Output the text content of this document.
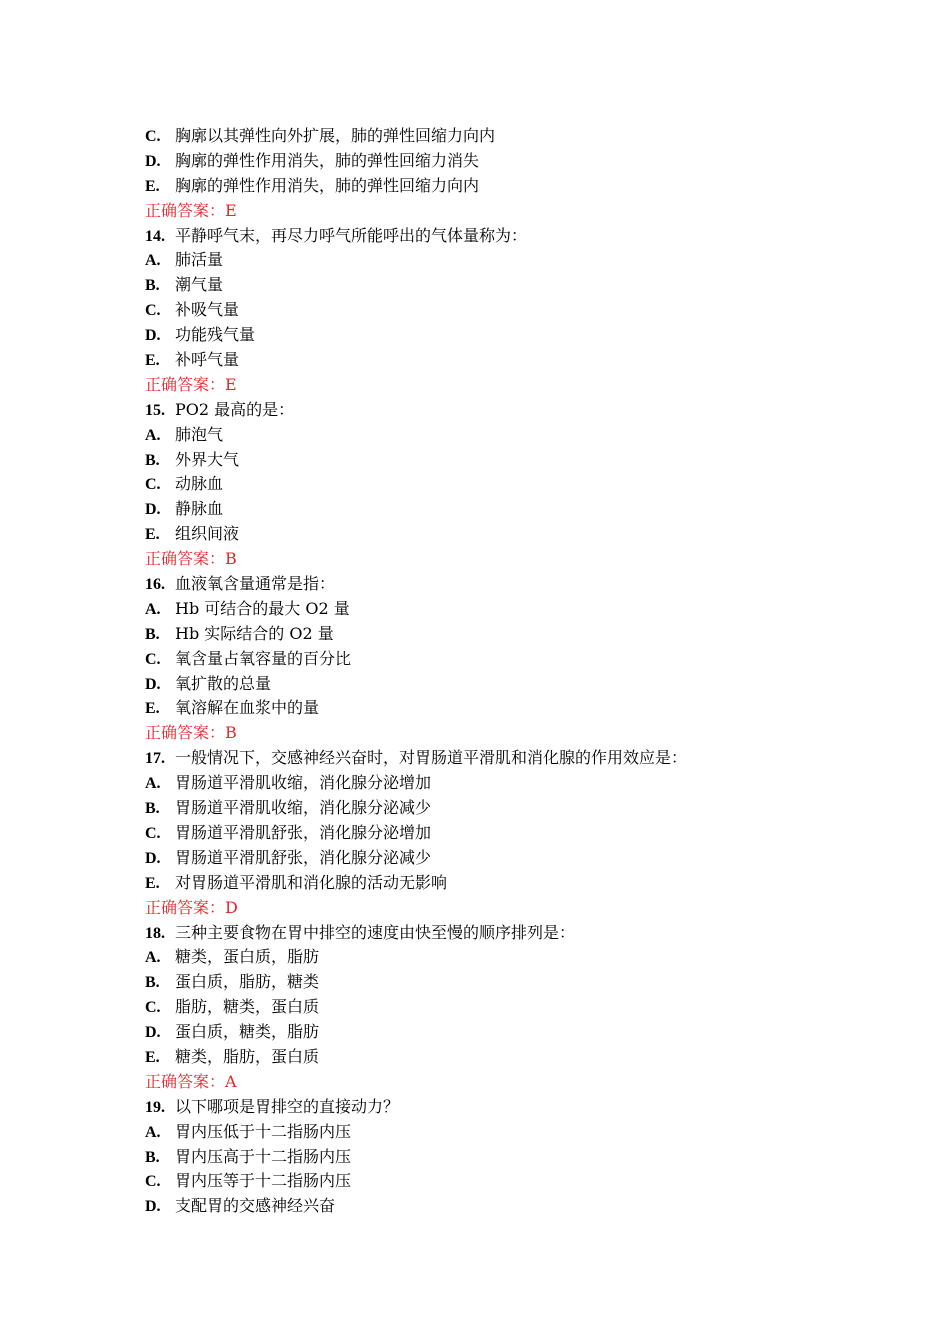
C. 胸廓以其弹性向外扩展，肺的弹性回缩力向内
D. 胸廓的弹性作用消失，肺的弹性回缩力消失
E. 胸廓的弹性作用消失，肺的弹性回缩力向内
正确答案：E
14. 平静呼气末，再尽力呼气所能呼出的气体量称为：
A. 肺活量
B. 潮气量
C. 补吸气量
D. 功能残气量
E. 补呼气量
正确答案：E
15. PO2 最高的是：
A. 肺泡气
B. 外界大气
C. 动脉血
D. 静脉血
E. 组织间液
正确答案：B
16. 血液氧含量通常是指：
A. Hb 可结合的最大 O2 量
B. Hb 实际结合的 O2 量
C. 氧含量占氧容量的百分比
D. 氧扩散的总量
E. 氧溶解在血浆中的量
正确答案：B
17. 一般情况下，交感神经兴奋时，对胃肠道平滑肌和消化腺的作用效应是：
A. 胃肠道平滑肌收缩，消化腺分泌增加
B. 胃肠道平滑肌收缩，消化腺分泌减少
C. 胃肠道平滑肌舒张，消化腺分泌增加
D. 胃肠道平滑肌舒张，消化腺分泌减少
E. 对胃肠道平滑肌和消化腺的活动无影响
正确答案：D
18. 三种主要食物在胃中排空的速度由快至慢的顺序排列是：
A. 糖类，蛋白质，脂肪
B. 蛋白质，脂肪，糖类
C. 脂肪，糖类，蛋白质
D. 蛋白质，糖类，脂肪
E. 糖类，脂肪，蛋白质
正确答案：A
19. 以下哪项是胃排空的直接动力？
A. 胃内压低于十二指肠内压
B. 胃内压高于十二指肠内压
C. 胃内压等于十二指肠内压
D. 支配胃的交感神经兴奋
